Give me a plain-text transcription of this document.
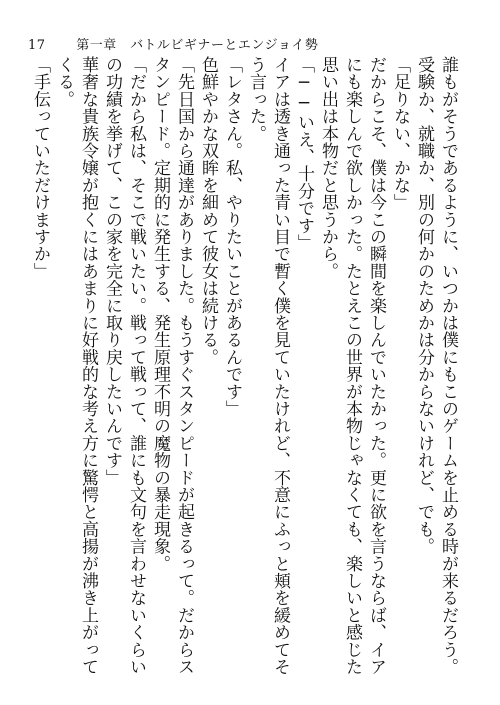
17 第一章　バトルビギナーとエンジョイ勢

誰もがそうであるように、いつかは僕にもこのゲームを止める時が来るだろう。受験か、就職か、別の何かのためかは分からないけれど、でも。

「足りない、かな」

だからこそ、僕は今この瞬間を楽しんでいたかった。更に欲を言うならば、イアにも楽しんで欲しかった。たとえこの世界が本物じゃなくても、楽しいと感じた思い出は本物だと思うから。

「──いえ、十分です」

イアは透き通った青い目で暫く僕を見ていたけれど、不意にふっと頬を緩めてそう言った。

「レタさん。私、やりたいことがあるんです」

色鮮やかな双眸を細めて彼女は続ける。

「先日国から通達がありました。もうすぐスタンピードが起きるって。だからスタンピード。定期的に発生する、発生原理不明の魔物の暴走現象。

「だから私は、そこで戦いたい。戦って戦って、誰にも文句を言わせないくらいの功績を挙げて、この家を完全に取り戻したいんです」

華奢な貴族令嬢が抱くにはあまりに好戦的な考え方に驚愕と高揚が沸き上がってくる。

「手伝っていただけますか」
